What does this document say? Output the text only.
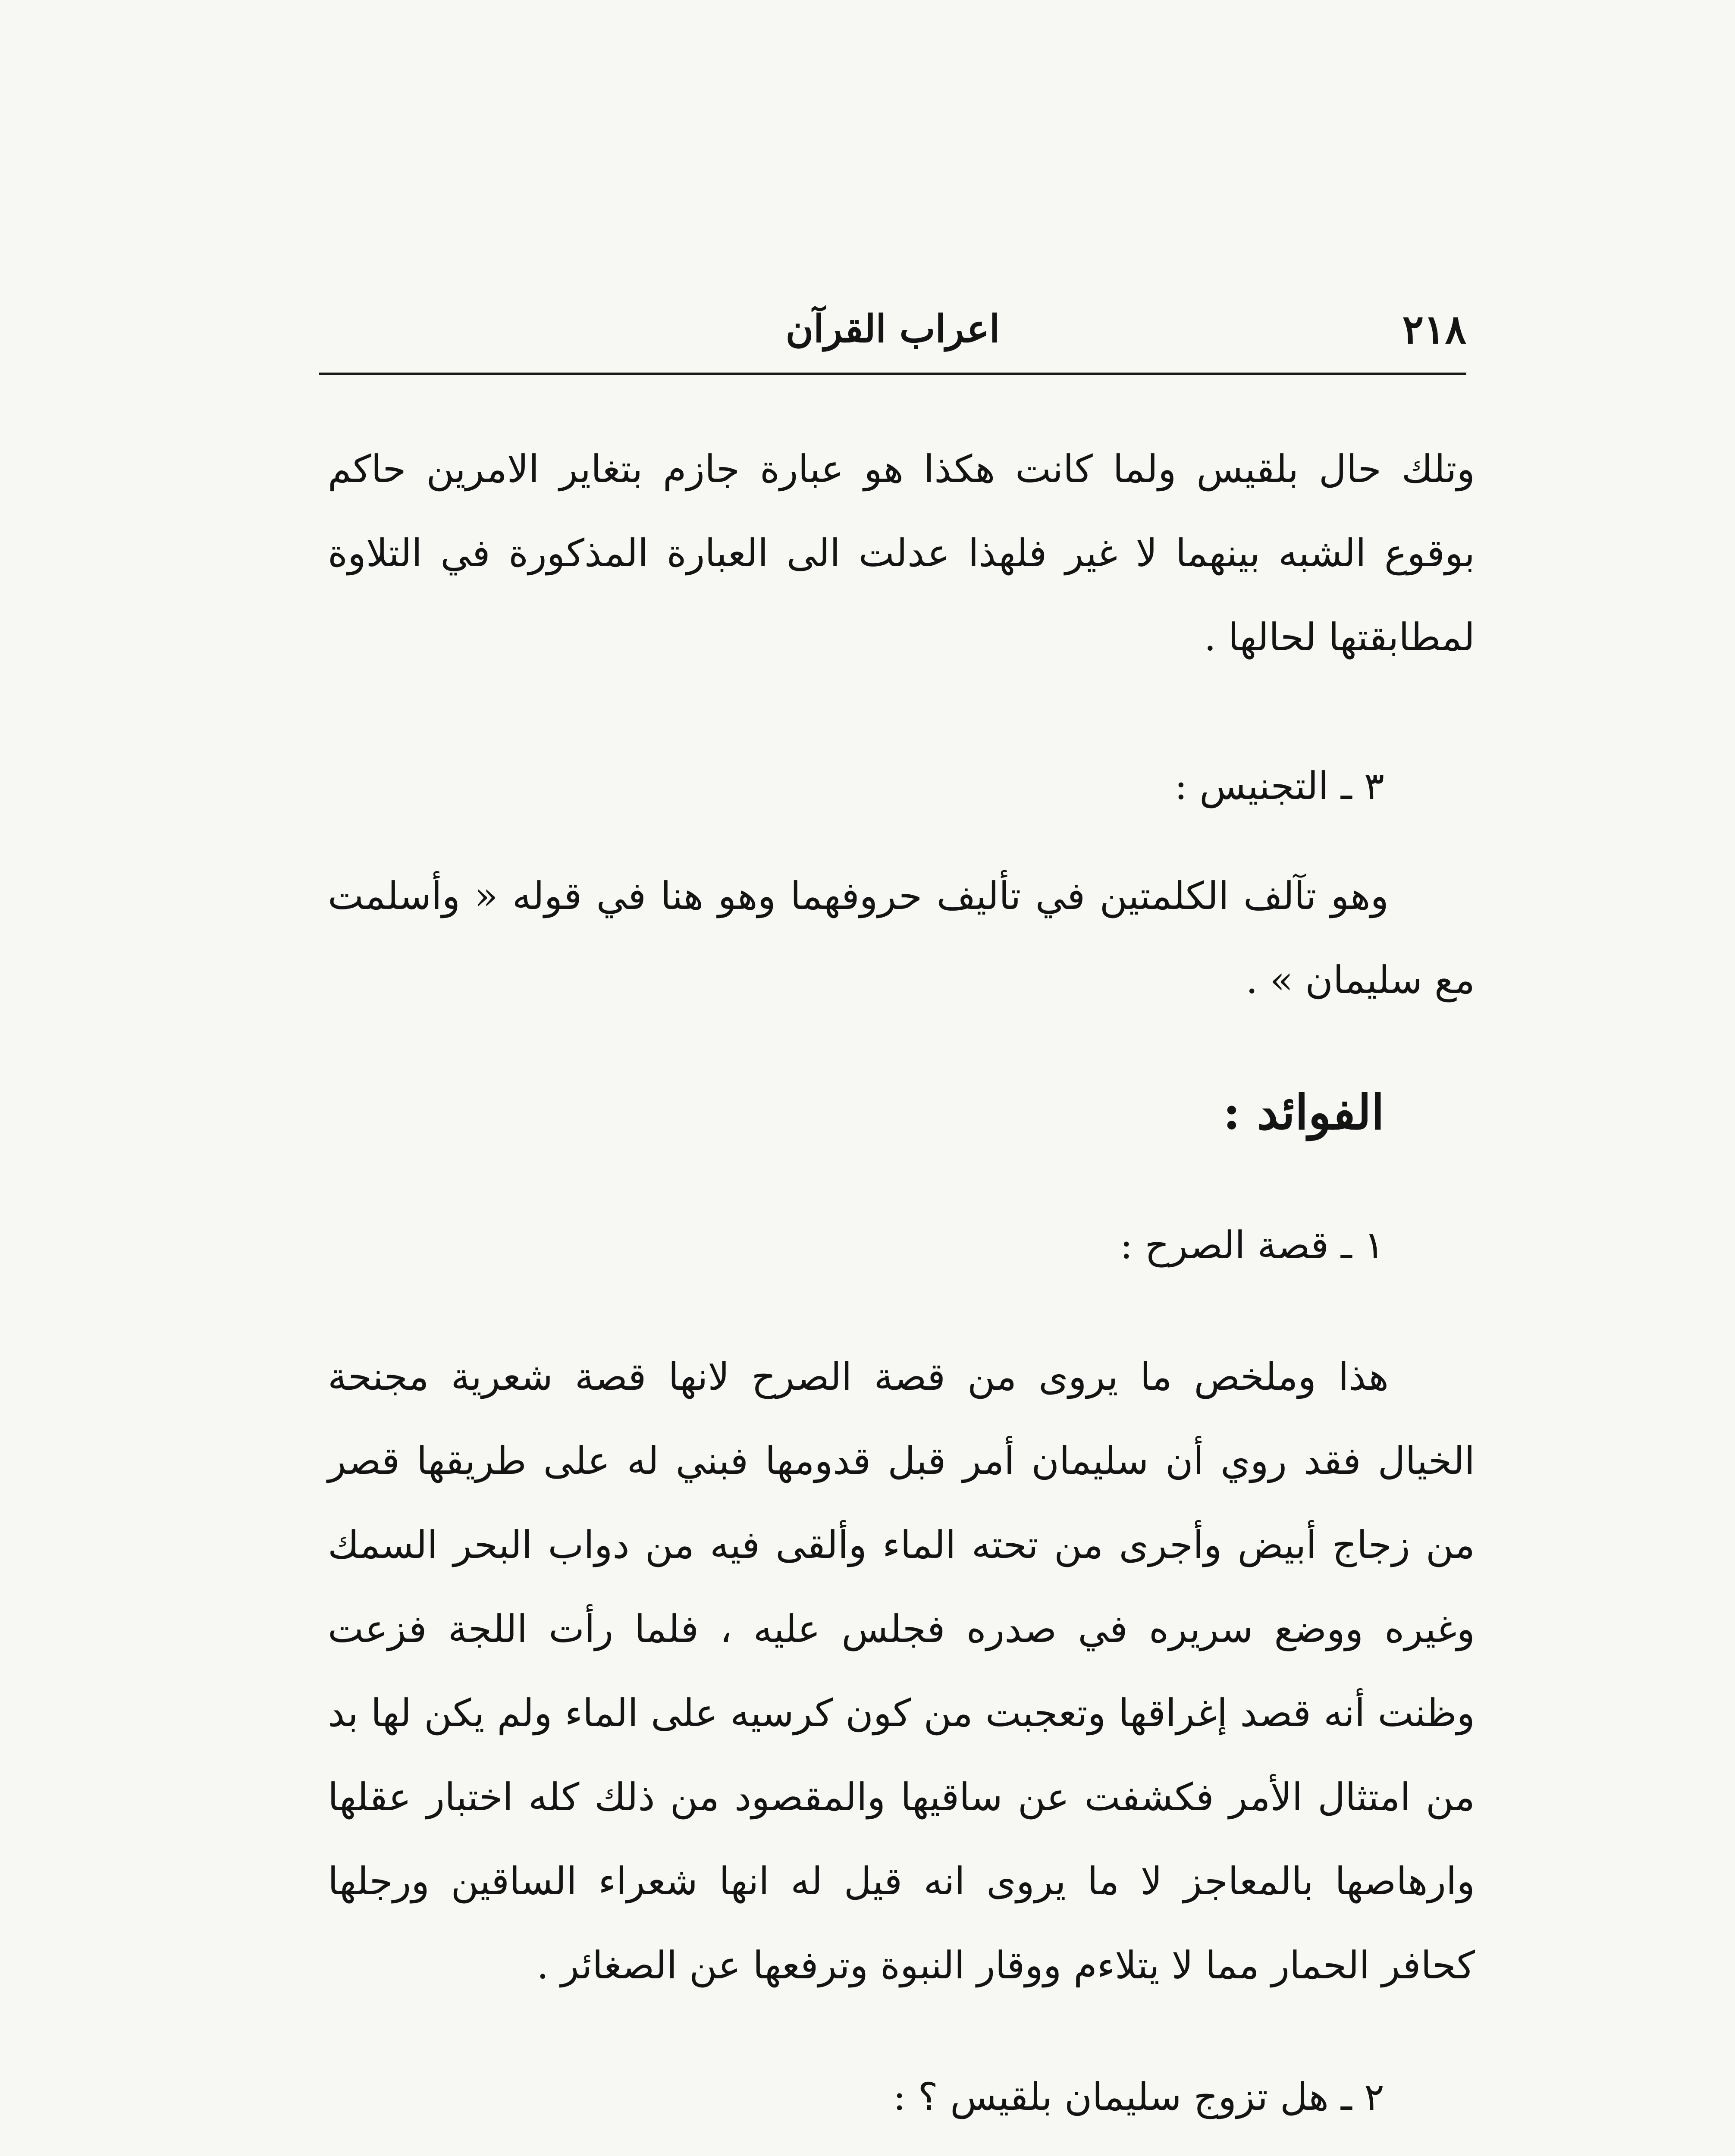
٢١٨
اعراب القرآن

وتلك حال بلقيس ولما كانت هكذا هو عبارة جازم بتغاير الامرين حاكم بوقوع الشبه بينهما لا غير فلهذا عدلت الى العبارة المذكورة في التلاوة لمطابقتها لحالها .

٣ ـ التجنيس :

وهو تآلف الكلمتين في تأليف حروفهما وهو هنا في قوله « وأسلمت مع سليمان » .

الفوائد :

١ ـ قصة الصرح :

هذا وملخص ما يروى من قصة الصرح لانها قصة شعرية مجنحة الخيال فقد روي أن سليمان أمر قبل قدومها فبني له على طريقها قصر من زجاج أبيض وأجرى من تحته الماء وألقى فيه من دواب البحر السمك وغيره ووضع سريره في صدره فجلس عليه ، فلما رأت اللجة فزعت وظنت أنه قصد إغراقها وتعجبت من كون كرسيه على الماء ولم يكن لها بد من امتثال الأمر فكشفت عن ساقيها والمقصود من ذلك كله اختبار عقلها وارهاصها بالمعاجز لا ما يروى انه قيل له انها شعراء الساقين ورجلها كحافر الحمار مما لا يتلاءم ووقار النبوة وترفعها عن الصغائر .

٢ ـ هل تزوج سليمان بلقيس ؟ :
